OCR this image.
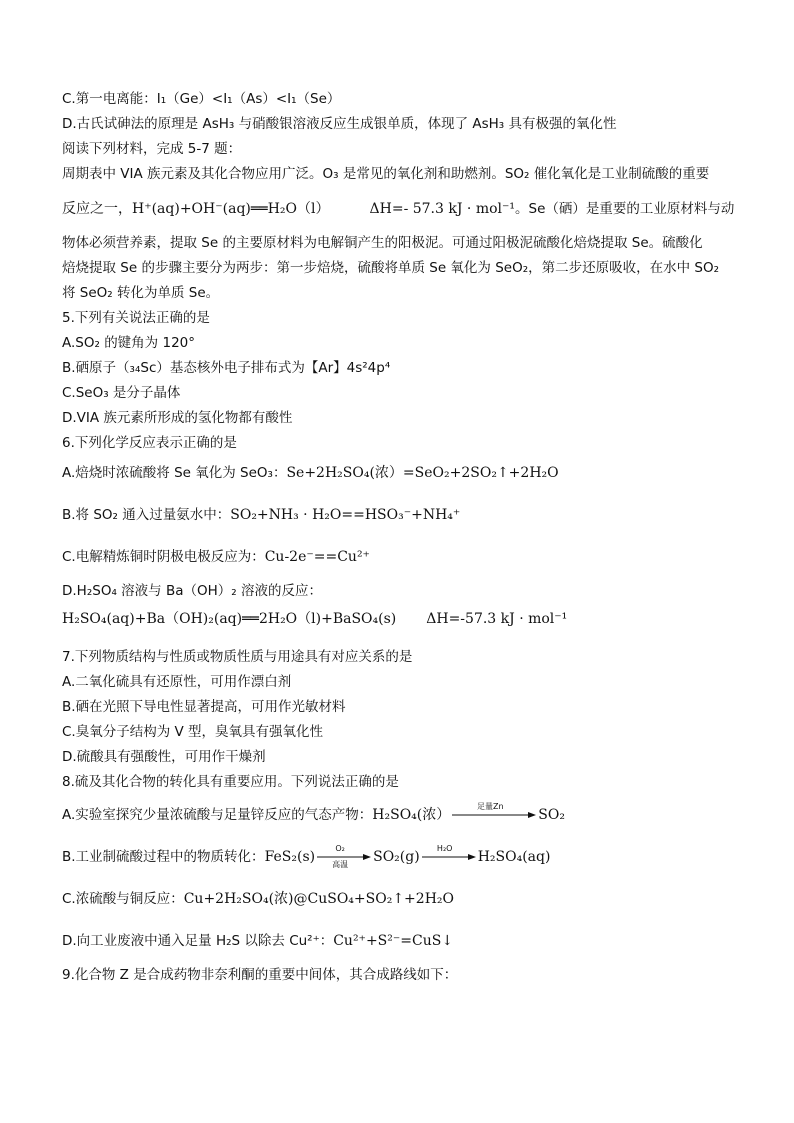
C.第一电离能：I₁（Ge）<I₁（As）<I₁（Se）
D.古氏试砷法的原理是 AsH₃ 与硝酸银溶液反应生成银单质，体现了 AsH₃ 具有极强的氧化性
阅读下列材料，完成 5-7 题：
周期表中 VIA 族元素及其化合物应用广泛。O₃ 是常见的氧化剂和助燃剂。SO₂ 催化氧化是工业制硫酸的重要
反应之一，H⁺(aq)+OH⁻(aq)══H₂O（l）	ΔH=- 57.3 kJ · mol⁻¹。Se（硒）是重要的工业原材料与动
物体必须营养素，提取 Se 的主要原材料为电解铜产生的阳极泥。可通过阳极泥硫酸化焙烧提取 Se。硫酸化
焙烧提取 Se 的步骤主要分为两步：第一步焙烧，硫酸将单质 Se 氧化为 SeO₂，第二步还原吸收，在水中 SO₂
将 SeO₂ 转化为单质 Se。
5.下列有关说法正确的是
A.SO₂ 的键角为 120°
B.硒原子（₃₄Sc）基态核外电子排布式为【Ar】4s²4p⁴
C.SeO₃ 是分子晶体
D.VIA 族元素所形成的氢化物都有酸性
6.下列化学反应表示正确的是
A.焙烧时浓硫酸将 Se 氧化为 SeO₃：Se+2H₂SO₄(浓）=SeO₂+2SO₂↑+2H₂O
B.将 SO₂ 通入过量氨水中：SO₂+NH₃ · H₂O==HSO₃⁻+NH₄⁺
C.电解精炼铜时阴极电极反应为：Cu-2e⁻==Cu²⁺
D.H₂SO₄ 溶液与 Ba（OH）₂ 溶液的反应：
H₂SO₄(aq)+Ba（OH)₂(aq)══2H₂O（l)+BaSO₄(s) ΔH=-57.3 kJ · mol⁻¹
7.下列物质结构与性质或物质性质与用途具有对应关系的是
A.二氧化硫具有还原性，可用作漂白剂
B.硒在光照下导电性显著提高，可用作光敏材料
C.臭氧分子结构为 V 型，臭氧具有强氧化性
D.硫酸具有强酸性，可用作干燥剂
8.硫及其化合物的转化具有重要应用。下列说法正确的是
A.实验室探究少量浓硫酸与足量锌反应的气态产物：H₂SO₄(浓）
足量Zn
SO₂
B.工业制硫酸过程中的物质转化：FeS₂(s)
O₂
高温	SO₂(g)
H₂O
H₂SO₄(aq)
C.浓硫酸与铜反应：Cu+2H₂SO₄(浓)@CuSO₄+SO₂↑+2H₂O
D.向工业废液中通入足量 H₂S 以除去 Cu²⁺：Cu²⁺+S²⁻=CuS↓
9.化合物 Z 是合成药物非奈利酮的重要中间体，其合成路线如下：
